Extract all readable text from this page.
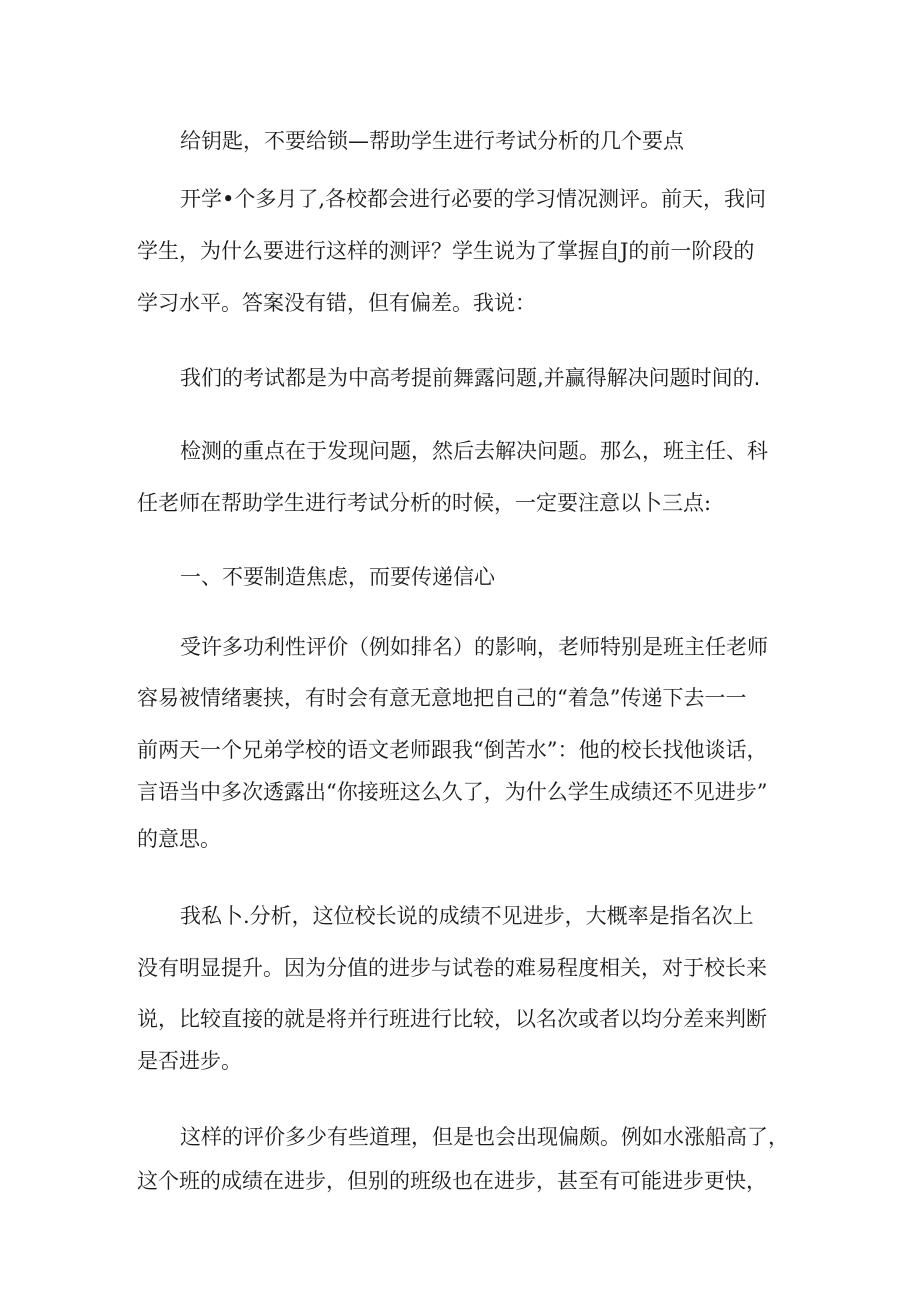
给钥匙，不要给锁—帮助学生进行考试分析的几个要点
开学•个多月了,各校都会进行必要的学习情况测评。前天，我问
学生，为什么要进行这样的测评？学生说为了掌握自J的前一阶段的
学习水平。答案没有错，但有偏差。我说：
我们的考试都是为中高考提前舞露问题,并赢得解决问题时间的.
检测的重点在于发现问题，然后去解决问题。那么，班主任、科
任老师在帮助学生进行考试分析的时候，一定要注意以卜三点:
一、不要制造焦虑，而要传递信心
受许多功利性评价（例如排名）的影响，老师特别是班主任老师
容易被情绪裹挟，有时会有意无意地把自己的“着急”传递下去一一
前两天一个兄弟学校的语文老师跟我“倒苦水”：他的校长找他谈话，
言语当中多次透露出“你接班这么久了，为什么学生成绩还不见进步”
的意思。
我私卜.分析，这位校长说的成绩不见进步，大概率是指名次上
没有明显提升。因为分值的进步与试卷的难易程度相关，对于校长来
说，比较直接的就是将并行班进行比较，以名次或者以均分差来判断
是否进步。
这样的评价多少有些道理，但是也会出现偏颇。例如水涨船高了，
这个班的成绩在进步，但别的班级也在进步，甚至有可能进步更快，
